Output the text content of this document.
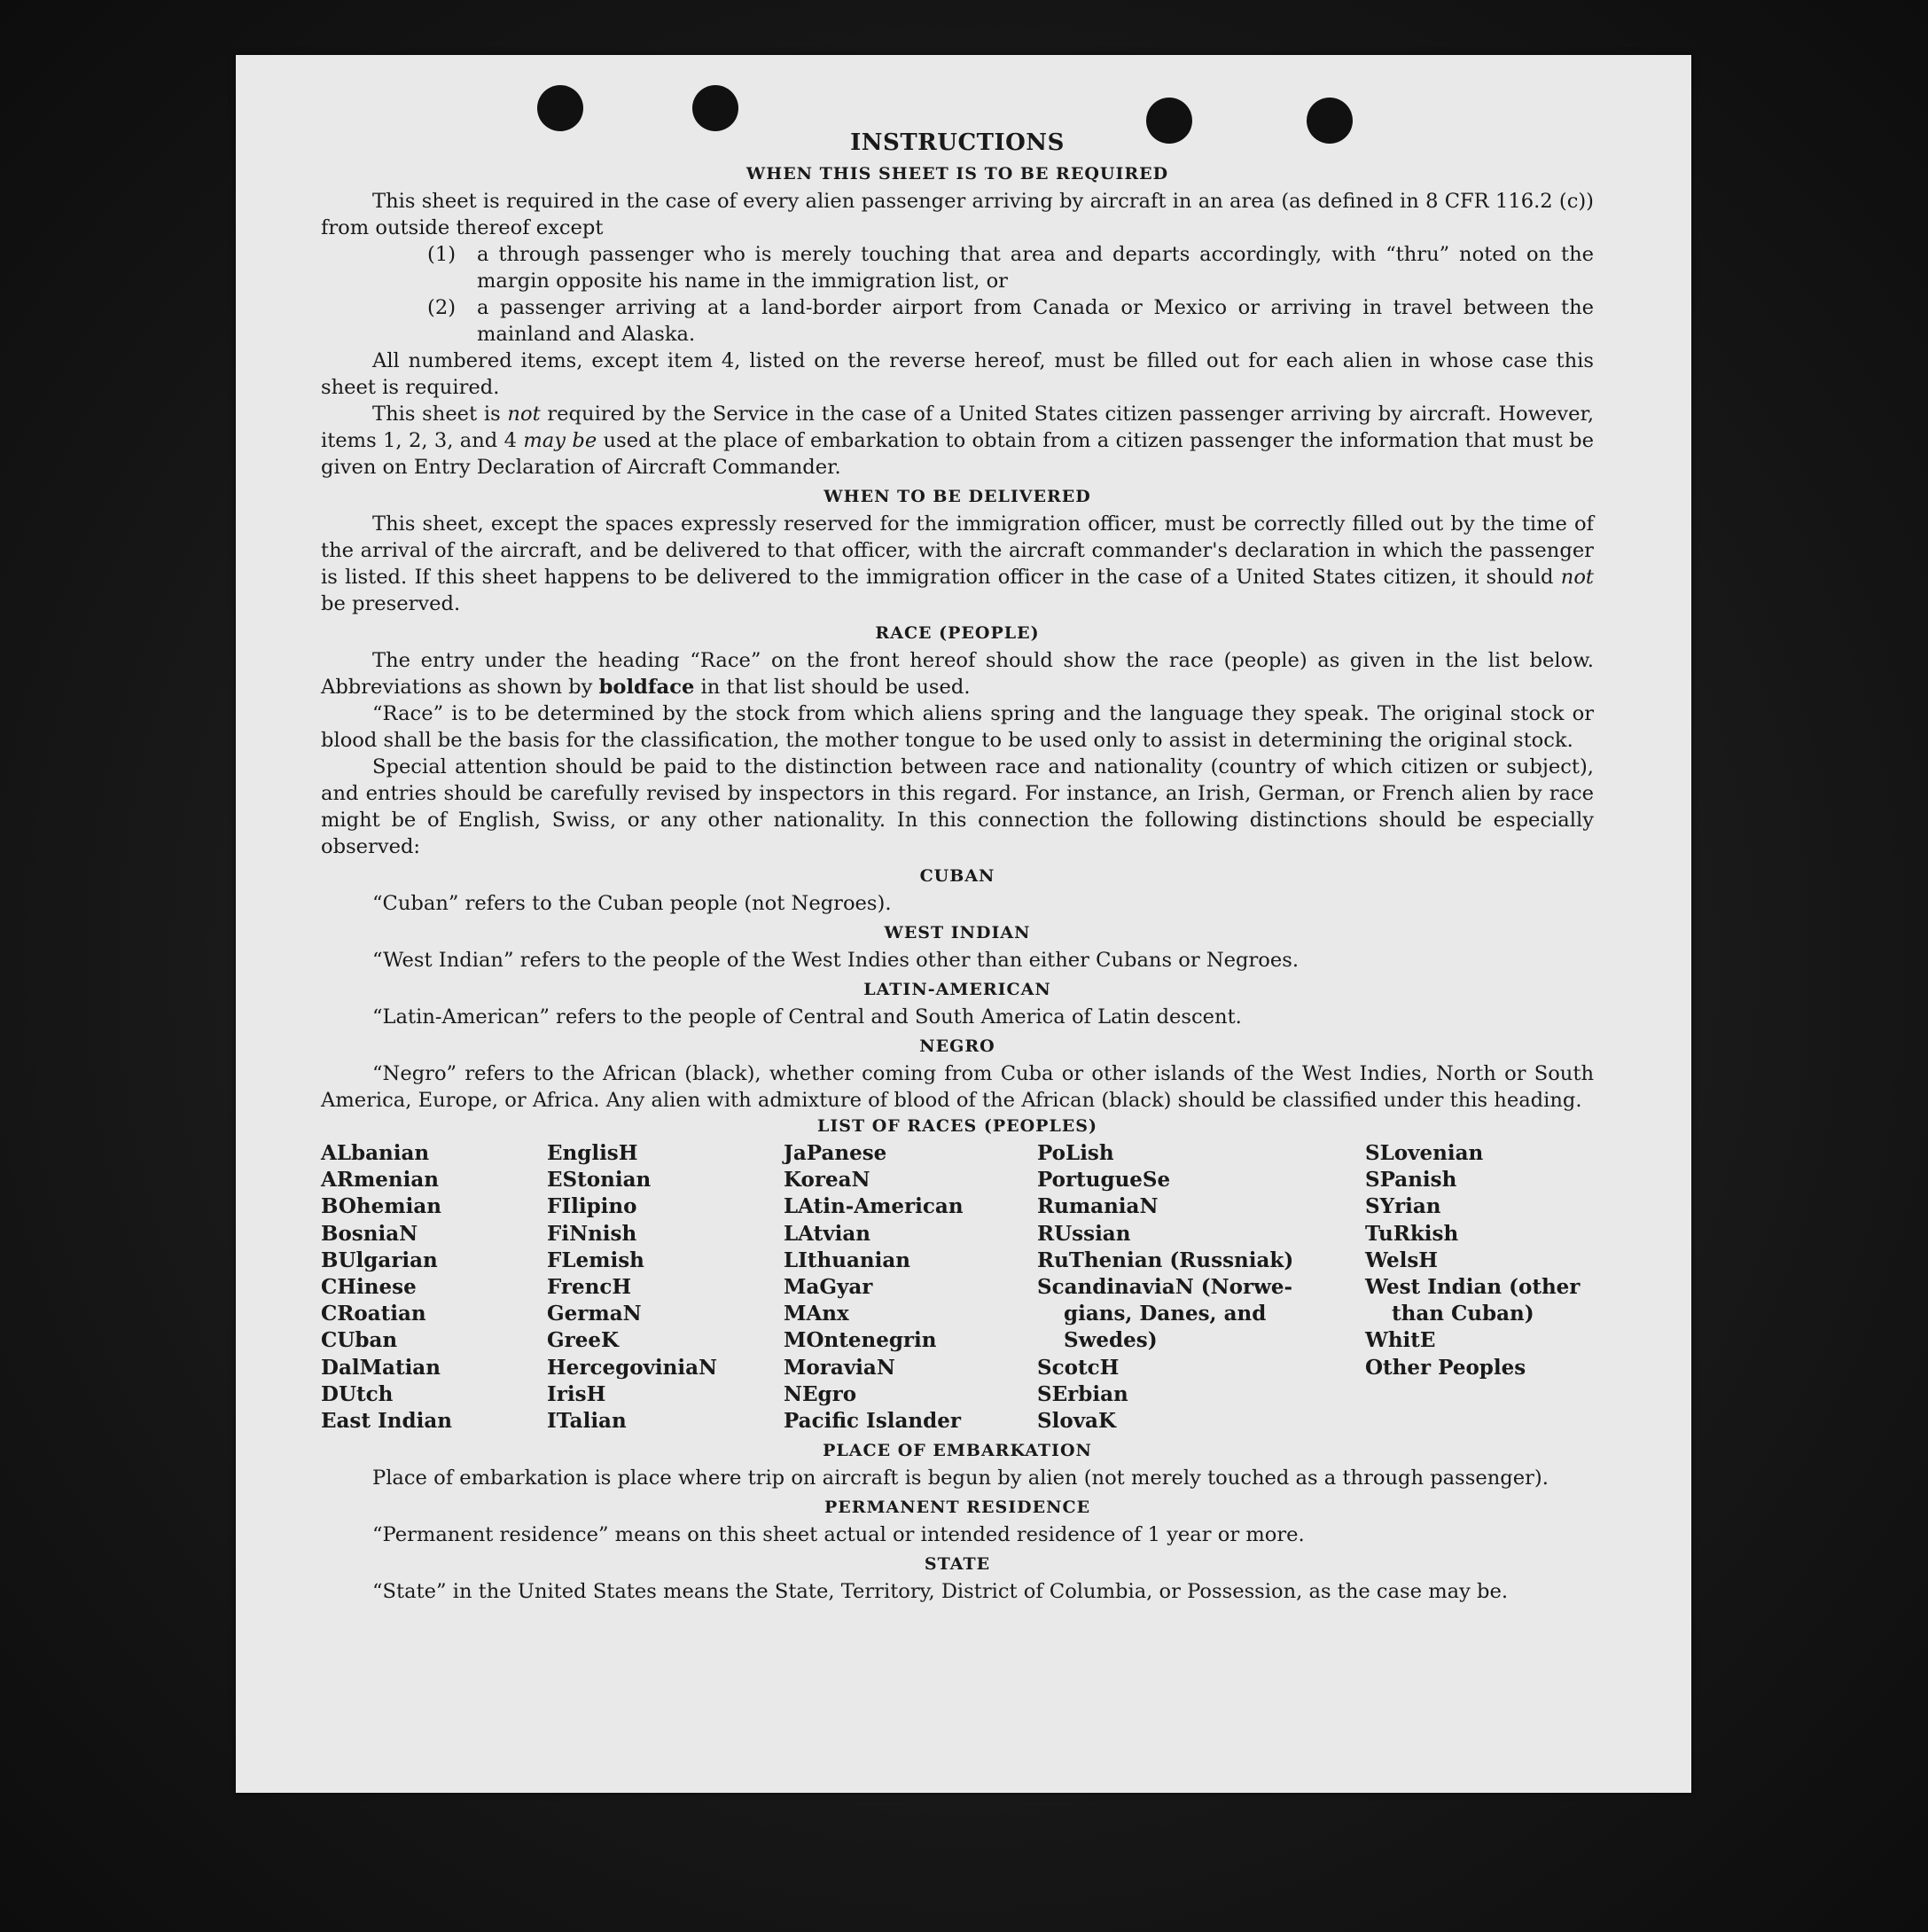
INSTRUCTIONS
WHEN THIS SHEET IS TO BE REQUIRED

This sheet is required in the case of every alien passenger arriving by aircraft in an area (as defined in 8 CFR 116.2 (c)) from outside thereof except

(1) a through passenger who is merely touching that area and departs accordingly, with “thru” noted on the margin opposite his name in the immigration list, or

(2) a passenger arriving at a land-border airport from Canada or Mexico or arriving in travel between the mainland and Alaska.

All numbered items, except item 4, listed on the reverse hereof, must be filled out for each alien in whose case this sheet is required.

This sheet is not required by the Service in the case of a United States citizen passenger arriving by aircraft. However, items 1, 2, 3, and 4 may be used at the place of embarkation to obtain from a citizen passenger the information that must be given on Entry Declaration of Aircraft Commander.

WHEN TO BE DELIVERED

This sheet, except the spaces expressly reserved for the immigration officer, must be correctly filled out by the time of the arrival of the aircraft, and be delivered to that officer, with the aircraft commander's declaration in which the passenger is listed. If this sheet happens to be delivered to the immigration officer in the case of a United States citizen, it should not be preserved.

RACE (PEOPLE)

The entry under the heading “Race” on the front hereof should show the race (people) as given in the list below. Abbreviations as shown by boldface in that list should be used.

“Race” is to be determined by the stock from which aliens spring and the language they speak. The original stock or blood shall be the basis for the classification, the mother tongue to be used only to assist in determining the original stock.

Special attention should be paid to the distinction between race and nationality (country of which citizen or subject), and entries should be carefully revised by inspectors in this regard. For instance, an Irish, German, or French alien by race might be of English, Swiss, or any other nationality. In this connection the following distinctions should be especially observed:

CUBAN

“Cuban” refers to the Cuban people (not Negroes).

WEST INDIAN

“West Indian” refers to the people of the West Indies other than either Cubans or Negroes.

LATIN-AMERICAN

“Latin-American” refers to the people of Central and South America of Latin descent.

NEGRO

“Negro” refers to the African (black), whether coming from Cuba or other islands of the West Indies, North or South America, Europe, or Africa. Any alien with admixture of blood of the African (black) should be classified under this heading.

LIST OF RACES (PEOPLES)
ALbanian
ARmenian
BOhemian
BosniaN
BUlgarian
CHinese
CRoatian
CUban
DalMatian
DUtch
East Indian
EnglisH
EStonian
FIlipino
FiNnish
FLemish
FrencH
GermaN
GreeK
HercegoviniaN
IrisH
ITalian
JaPanese
KoreaN
LAtin-American
LAtvian
LIthuanian
MaGyar
MAnx
MOntenegrin
MoraviaN
NEgro
Pacific Islander
PoLish
PortugueSe
RumaniaN
RUssian
RuThenian (Russniak)
ScandinaviaN (Norwe-
gians, Danes, and
Swedes)
ScotcH
SErbian
SlovaK
SLovenian
SPanish
SYrian
TuRkish
WelsH
West Indian (other
than Cuban)
WhitE
Other Peoples
PLACE OF EMBARKATION

Place of embarkation is place where trip on aircraft is begun by alien (not merely touched as a through passenger).

PERMANENT RESIDENCE

“Permanent residence” means on this sheet actual or intended residence of 1 year or more.

STATE

“State” in the United States means the State, Territory, District of Columbia, or Possession, as the case may be.
